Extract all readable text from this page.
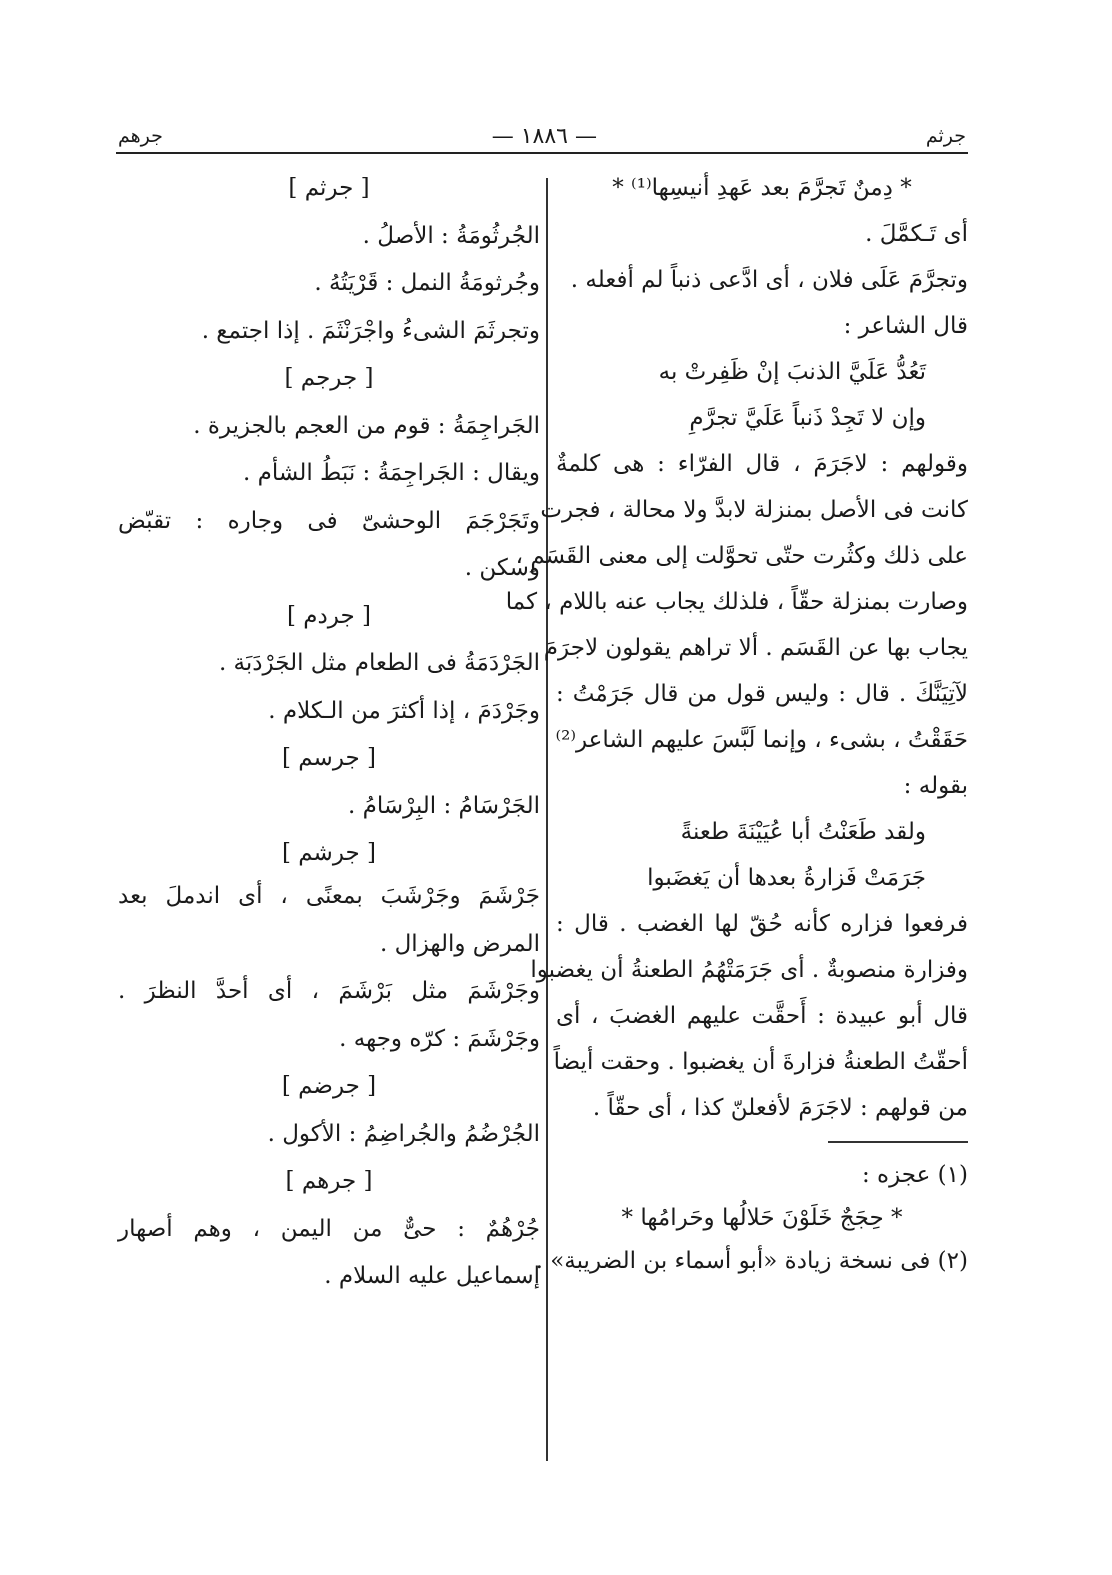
جرثم
— ١٨٨٦ —
جرهم

* دِمنٌ تَجرَّمَ بعد عَهدِ أنيسِها⁽¹⁾ *

أى تَـكمَّلَ .

وتجرَّمَ عَلَى فلان ، أى ادَّعى ذنباً لم أفعله .

قال الشاعر :

تَعُدُّ عَلَيَّ الذنبَ إنْ ظَفِرتْ به

وإن لا تَجِدْ ذَنباً عَلَيَّ تجرَّمِ

وقولهم : لاجَرَمَ ، قال الفرّاء : هى كلمةٌ

كانت فى الأصل بمنزلة لابدَّ ولا محالة ، فجرت

على ذلك وكثُرت حتّى تحوَّلت إلى معنى القَسَمِ ،

وصارت بمنزلة حقّاً ، فلذلك يجاب عنه باللام ، كما

يجاب بها عن القَسَم . ألا تراهم يقولون لاجرَمَ

لآتِيَنَّكَ . قال : وليس قول من قال جَرَمْتُ :

حَقَقْتُ ، بشىء ، وإنما لَبَّسَ عليهم الشاعر⁽²⁾

بقوله :

ولقد طَعَنْتُ أبا عُيَيْنَةَ طعنةً

جَرَمَتْ فَزارةُ بعدها أن يَغضَبوا

فرفعوا فزاره كأنه حُقّ لها الغضب . قال :

وفزارة منصوبةٌ . أى جَرَمَتْهُمُ الطعنةُ أن يغضبوا

قال أبو عبيدة : أَحقَّت عليهم الغضبَ ، أى

أحقّتُ الطعنةُ فزارةَ أن يغضبوا . وحقت أيضاً

من قولهم : لاجَرَمَ لأفعلنّ كذا ، أى حقّاً .

(١) عجزه :

* حِجَجٌ خَلَوْنَ حَلالُها وحَرامُها *

(٢) فى نسخة زيادة «أبو أسماء بن الضريبة» .

[ جرثم ]

الجُرثُومَةُ : الأصلُ .

وجُرثومَةُ النمل : قَرْيَتُهُ .

وتجرثَمَ الشىءُ واجْرَنْثَمَ . إذا اجتمع .

[ جرجم ]

الجَراجِمَةُ : قوم من العجم بالجزيرة .

ويقال : الجَراجِمَةُ : نَبَطُ الشأم .

وتَجَرْجَمَ الوحشىّ فى وجاره : تقبّض

وسكن .

[ جردم ]

الجَرْدَمَةُ فى الطعام مثل الجَرْدَبَة .

وجَرْدَمَ ، إذا أكثرَ من الـكلام .

[ جرسم ]

الجَرْسَامُ : البِرْسَامُ .

[ جرشم ]

جَرْشَمَ وجَرْشَبَ بمعنًى ، أى اندملَ بعد

المرض والهزال .

وجَرْشَمَ مثل بَرْشَمَ ، أى أحدَّ النظرَ .

وجَرْشَمَ : كرّه وجهه .

[ جرضم ]

الجُرْضُمُ والجُراضِمُ : الأكول .

[ جرهم ]

جُرْهُمٌ : حىٌّ من اليمن ، وهم أصهار

إسماعيل عليه السلام .
